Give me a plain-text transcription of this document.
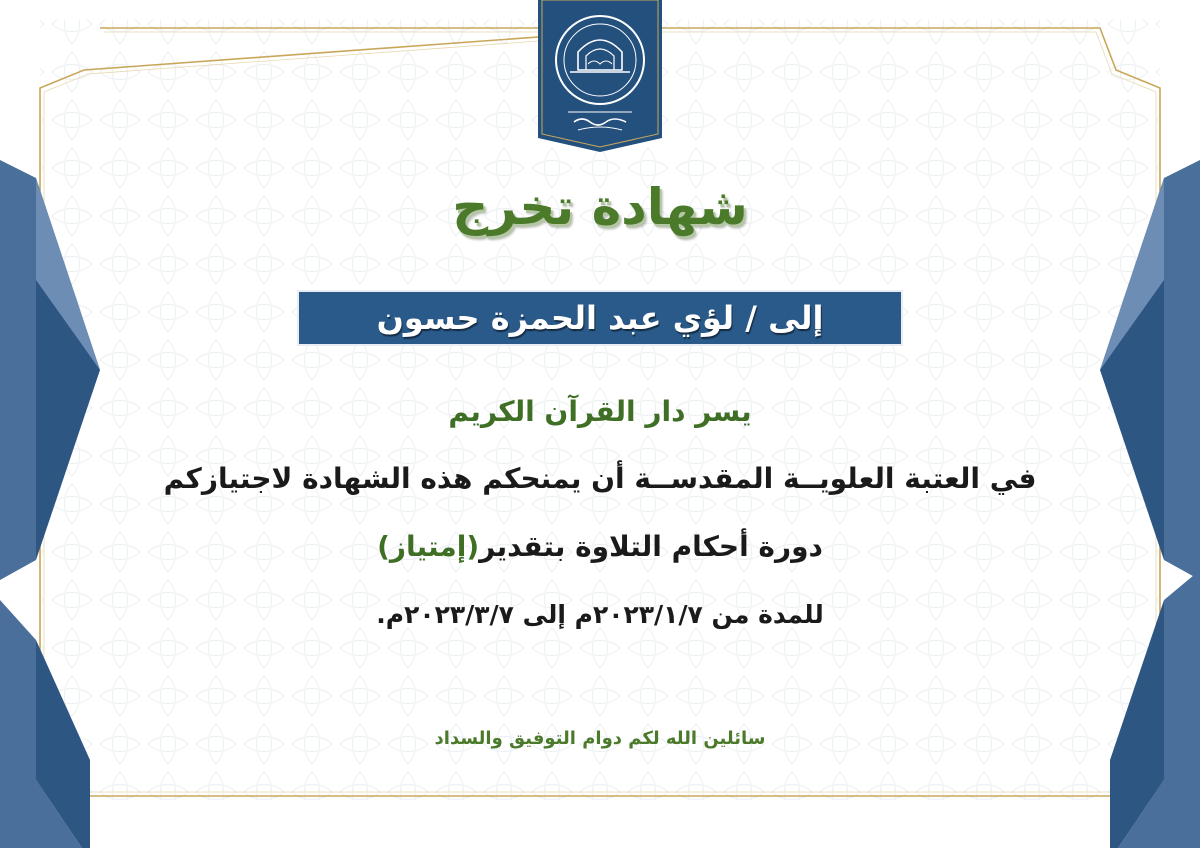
شهادة تخرج
إلى / لؤي عبد الحمزة حسون
يسر دار القرآن الكريم
في العتبة العلويــة المقدســة أن يمنحكم هذه الشهادة لاجتيازكم
دورة أحكام التلاوة بتقدير(إمتياز)
للمدة من ٢٠٢٣/١/٧م إلى ٢٠٢٣/٣/٧م.
سائلين الله لكم دوام التوفيق والسداد
